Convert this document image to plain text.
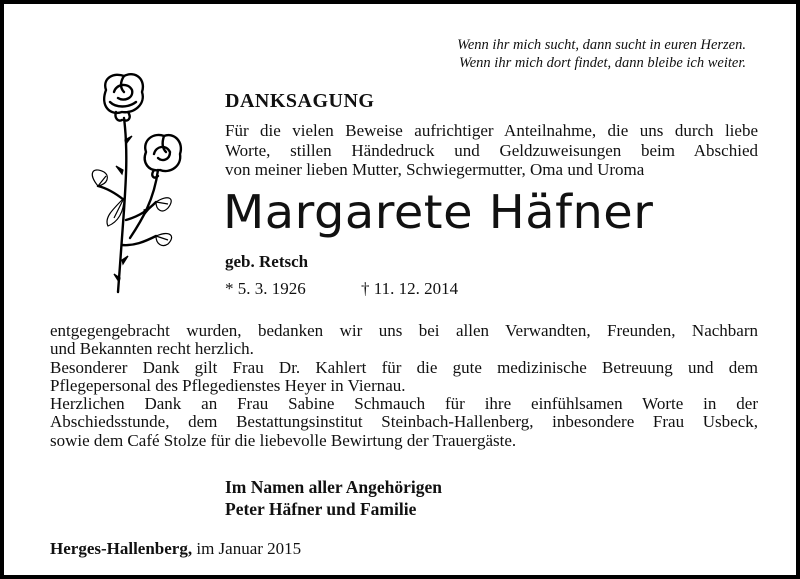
Wenn ihr mich sucht, dann sucht in euren Herzen.
Wenn ihr mich dort findet, dann bleibe ich weiter.
DANKSAGUNG
Für die vielen Beweise aufrichtiger Anteilnahme, die uns durch liebe
Worte, stillen Händedruck und Geldzuweisungen beim Abschied
von meiner lieben Mutter, Schwiegermutter, Oma und Uroma
Margarete Häfner
geb. Retsch
* 5. 3. 1926	† 11. 12. 2014
entgegengebracht wurden, bedanken wir uns bei allen Verwandten, Freunden, Nachbarn
und Bekannten recht herzlich.
Besonderer Dank gilt Frau Dr. Kahlert für die gute medizinische Betreuung und dem
Pflegepersonal des Pflegedienstes Heyer in Viernau.
Herzlichen Dank an Frau Sabine Schmauch für ihre einfühlsamen Worte in der
Abschiedsstunde, dem Bestattungsinstitut Steinbach-Hallenberg, inbesondere Frau Usbeck,
sowie dem Café Stolze für die liebevolle Bewirtung der Trauergäste.
Im Namen aller Angehörigen
Peter Häfner und Familie
Herges-Hallenberg, im Januar 2015
